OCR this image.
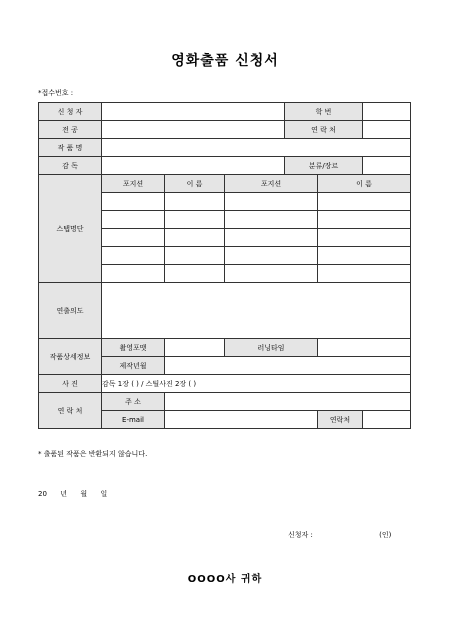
영화출품 신청서
*접수번호 :
신 청 자				학 번		
전 공				연 락 처		
작 품 명						
감 독				분류/장르		
스탭명단	포지션	이 름	포지션		이 름	

연출의도						
작품상세정보	촬영포맷		러닝타임			
	제작년월					
사 진	감독 1장 ( ) / 스틸사진 2장 ( )					
연 락 처	주 소					
	E-mail				연락처	
* 출품된 작품은 반환되지 않습니다.
20      년      월      일
신청자 :	(인)
OOOO사 귀하
